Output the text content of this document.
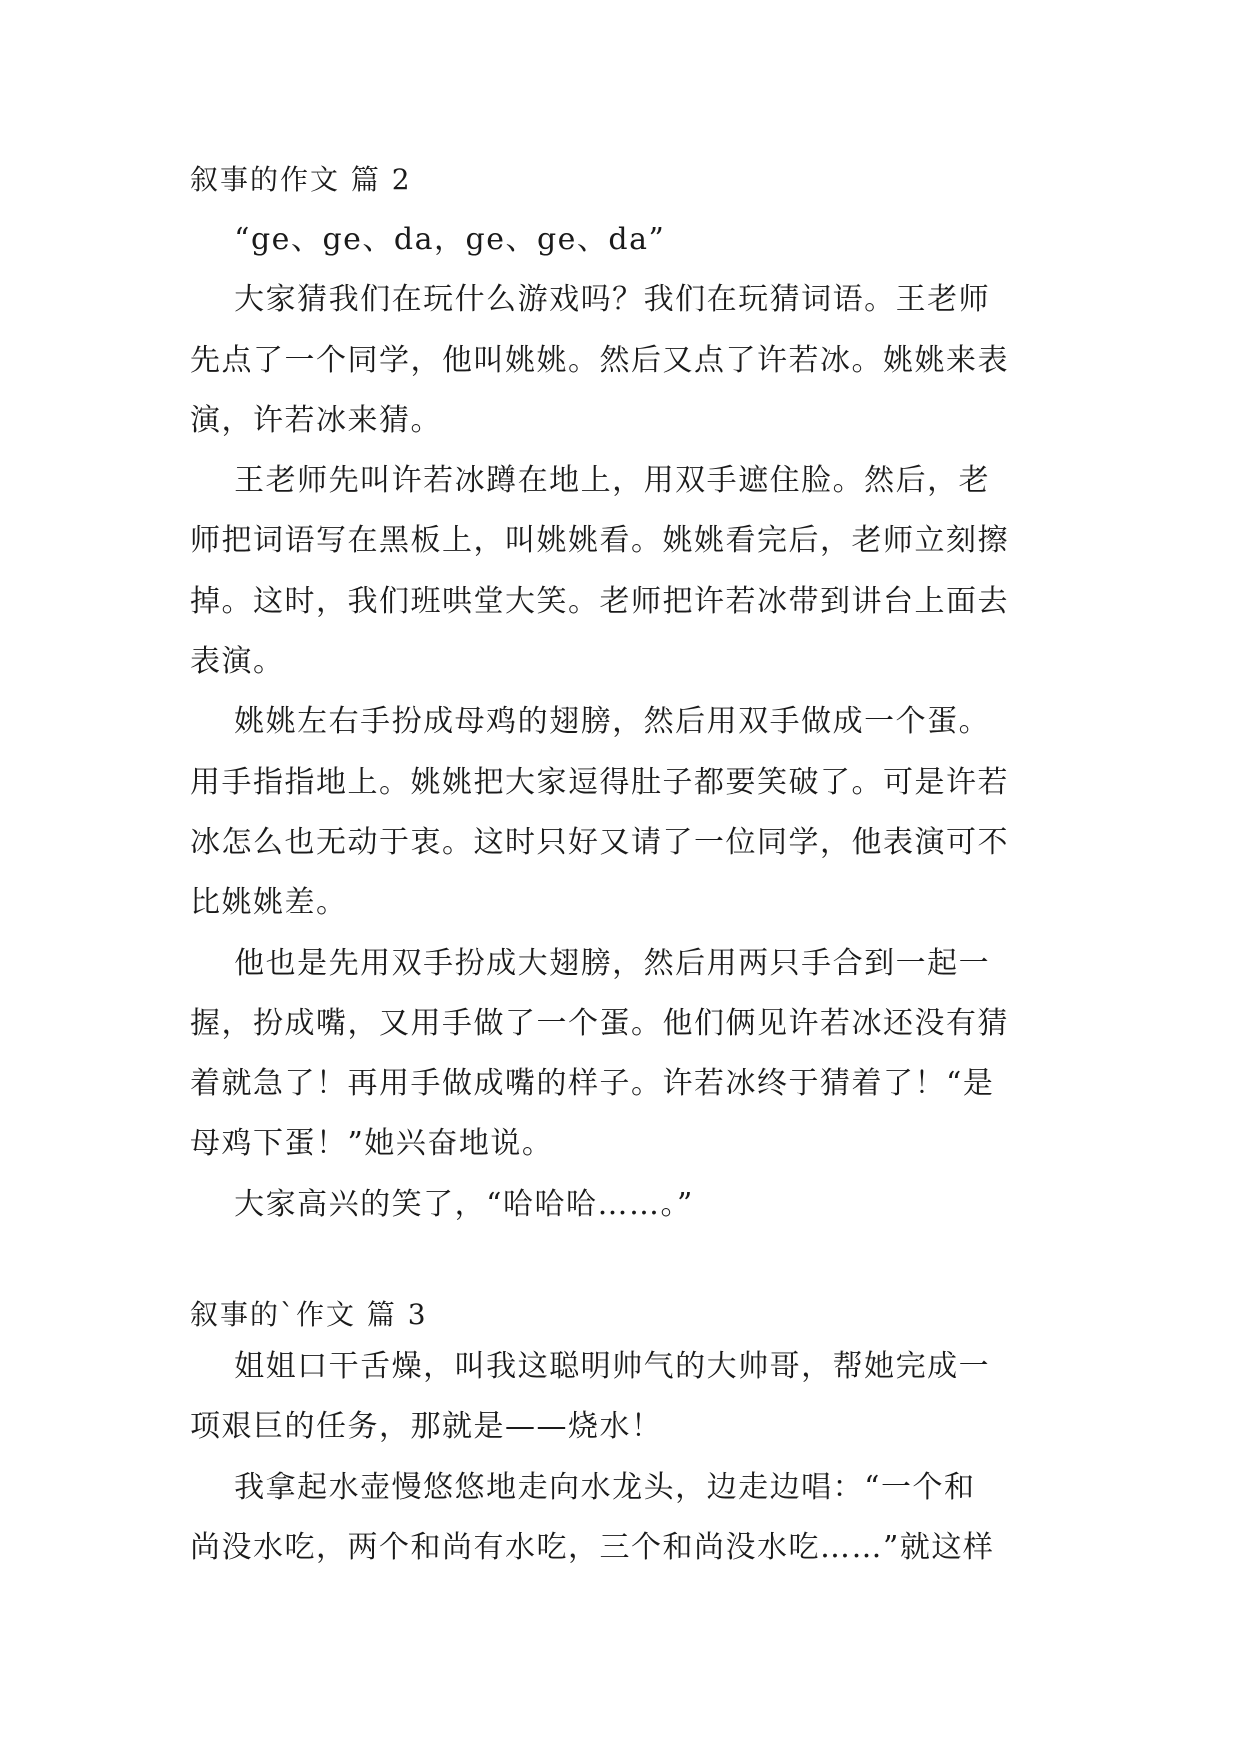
叙事的作文 篇 2

“ge、ge、da，ge、ge、da”

大家猜我们在玩什么游戏吗？我们在玩猜词语。王老师
先点了一个同学，他叫姚姚。然后又点了许若冰。姚姚来表
演，许若冰来猜。

王老师先叫许若冰蹲在地上，用双手遮住脸。然后，老
师把词语写在黑板上，叫姚姚看。姚姚看完后，老师立刻擦
掉。这时，我们班哄堂大笑。老师把许若冰带到讲台上面去
表演。

姚姚左右手扮成母鸡的翅膀，然后用双手做成一个蛋。
用手指指地上。姚姚把大家逗得肚子都要笑破了。可是许若
冰怎么也无动于衷。这时只好又请了一位同学，他表演可不
比姚姚差。

他也是先用双手扮成大翅膀，然后用两只手合到一起一
握，扮成嘴，又用手做了一个蛋。他们俩见许若冰还没有猜
着就急了！再用手做成嘴的样子。许若冰终于猜着了！“是
母鸡下蛋！”她兴奋地说。

大家高兴的笑了，“哈哈哈……。”

叙事的`作文 篇 3

姐姐口干舌燥，叫我这聪明帅气的大帅哥，帮她完成一
项艰巨的任务，那就是——烧水！

我拿起水壶慢悠悠地走向水龙头，边走边唱：“一个和
尚没水吃，两个和尚有水吃，三个和尚没水吃……”就这样
